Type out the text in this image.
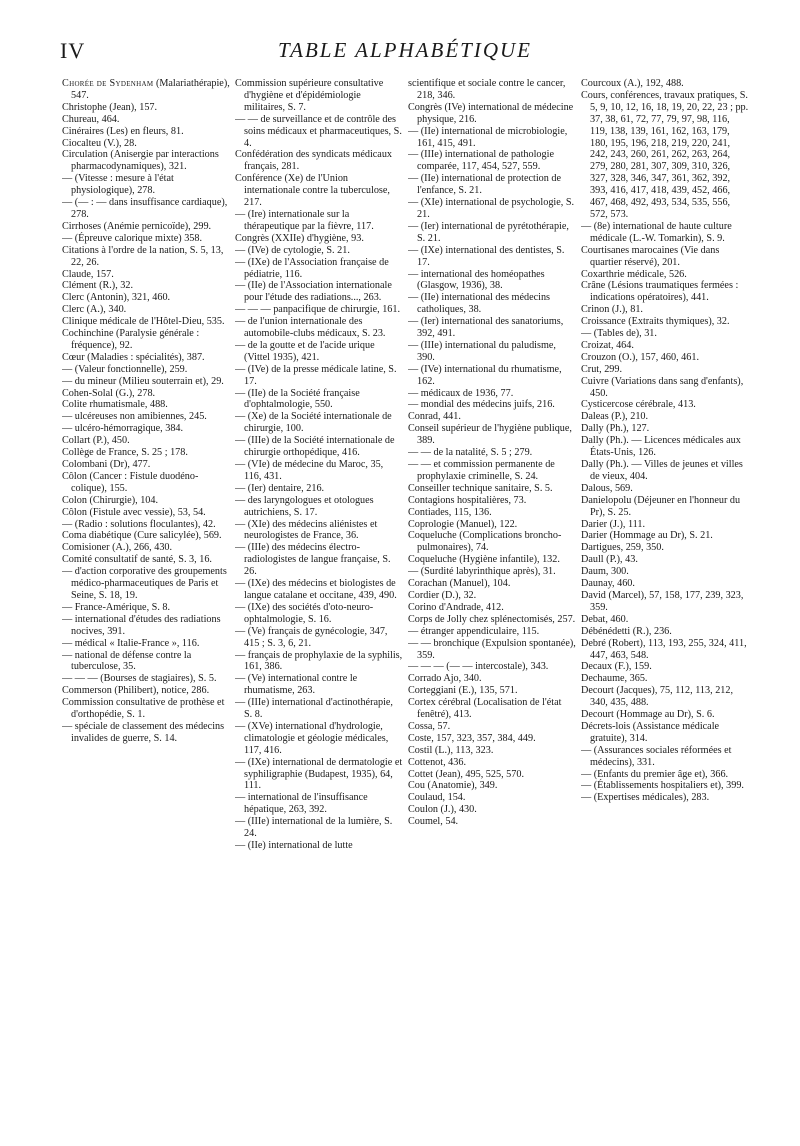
IV	TABLE ALPHABÉTIQUE

Chorée de Sydenham (Malariathérapie), 547.

Christophe (Jean), 157.

Chureau, 464.

Cinéraires (Les) en fleurs, 81.

Ciocalteu (V.), 28.

Circulation (Anisergie par interactions pharmacodynamiques), 321.

— (Vitesse : mesure à l'état physiologique), 278.

— (— : — dans insuffisance cardiaque), 278.

Cirrhoses (Anémie pernicoïde), 299.

— (Épreuve calorique mixte) 358.

Citations à l'ordre de la nation, S. 5, 13, 22, 26.

Claude, 157.

Clément (R.), 32.

Clerc (Antonin), 321, 460.

Clerc (A.), 340.

Clinique médicale de l'Hôtel-Dieu, 535.

Cochinchine (Paralysie générale : fréquence), 92.

Cœur (Maladies : spécialités), 387.

— (Valeur fonctionnelle), 259.

— du mineur (Milieu souterrain et), 29.

Cohen-Solal (G.), 278.

Colite rhumatismale, 488.

— ulcéreuses non amibiennes, 245.

— ulcéro-hémorragique, 384.

Collart (P.), 450.

Collège de France, S. 25 ; 178.

Colombani (Dr), 477.

Côlon (Cancer : Fistule duodéno-colique), 155.

Colon (Chirurgie), 104.

Côlon (Fistule avec vessie), 53, 54.

— (Radio : solutions floculantes), 42.

Coma diabétique (Cure salicylée), 569.

Comisioner (A.), 266, 430.

Comité consultatif de santé, S. 3, 16.

— d'action corporative des groupements médico-pharmaceutiques de Paris et Seine, S. 18, 19.

— France-Amérique, S. 8.

— international d'études des radiations nocives, 391.

— médical « Italie-France », 116.

— national de défense contre la tuberculose, 35.

— — — (Bourses de stagiaires), S. 5.

Commerson (Philibert), notice, 286.

Commission consultative de prothèse et d'orthopédie, S. 1.

— spéciale de classement des médecins invalides de guerre, S. 14.

Commission supérieure consultative d'hygiène et d'épidémiologie militaires, S. 7.

— — de surveillance et de contrôle des soins médicaux et pharmaceutiques, S. 4.

Confédération des syndicats médicaux français, 281.

Conférence (Xe) de l'Union internationale contre la tuberculose, 217.

— (Ire) internationale sur la thérapeutique par la fièvre, 117.

Congrès (XXIIe) d'hygiène, 93.

— (IVe) de cytologie, S. 21.

— (IXe) de l'Association française de pédiatrie, 116.

— (IIe) de l'Association internationale pour l'étude des radiations..., 263.

— — — panpacifique de chirurgie, 161.

— de l'union internationale des automobile-clubs médicaux, S. 23.

— de la goutte et de l'acide urique (Vittel 1935), 421.

— (IVe) de la presse médicale latine, S. 17.

— (IIe) de la Société française d'ophtalmologie, 550.

— (Xe) de la Société internationale de chirurgie, 100.

— (IIIe) de la Société internationale de chirurgie orthopédique, 416.

— (VIe) de médecine du Maroc, 35, 116, 431.

— (Ier) dentaire, 216.

— des laryngologues et otologues autrichiens, S. 17.

— (XIe) des médecins aliénistes et neurologistes de France, 36.

— (IIIe) des médecins électro-radiologistes de langue française, S. 26.

— (IXe) des médecins et biologistes de langue catalane et occitane, 439, 490.

— (IXe) des sociétés d'oto-neuro-ophtalmologie, S. 16.

— (Ve) français de gynécologie, 347, 415 ; S. 3, 6, 21.

— français de prophylaxie de la syphilis, 161, 386.

— (Ve) international contre le rhumatisme, 263.

— (IIIe) international d'actinothérapie, S. 8.

— (XVe) international d'hydrologie, climatologie et géologie médicales, 117, 416.

— (IXe) international de dermatologie et syphiligraphie (Budapest, 1935), 64, 111.

— international de l'insuffisance hépatique, 263, 392.

— (IIIe) international de la lumière, S. 24.

— (IIe) international de lutte

scientifique et sociale contre le cancer, 218, 346.

Congrès (IVe) international de médecine physique, 216.

— (IIe) international de microbiologie, 161, 415, 491.

— (IIIe) international de pathologie comparée, 117, 454, 527, 559.

— (IIe) international de protection de l'enfance, S. 21.

— (XIe) international de psychologie, S. 21.

— (Ier) international de pyrétothérapie, S. 21.

— (IXe) international des dentistes, S. 17.

— international des homéopathes (Glasgow, 1936), 38.

— (IIe) international des médecins catholiques, 38.

— (Ier) international des sanatoriums, 392, 491.

— (IIIe) international du paludisme, 390.

— (IVe) international du rhumatisme, 162.

— médicaux de 1936, 77.

— mondial des médecins juifs, 216.

Conrad, 441.

Conseil supérieur de l'hygiène publique, 389.

— — de la natalité, S. 5 ; 279.

— — et commission permanente de prophylaxie criminelle, S. 24.

Conseiller technique sanitaire, S. 5.

Contagions hospitalières, 73.

Contiades, 115, 136.

Coprologie (Manuel), 122.

Coqueluche (Complications broncho-pulmonaires), 74.

Coqueluche (Hygiène infantile), 132.

— (Surdité labyrinthique après), 31.

Corachan (Manuel), 104.

Cordier (D.), 32.

Corino d'Andrade, 412.

Corps de Jolly chez splénectomisés, 257.

— étranger appendiculaire, 115.

— — bronchique (Expulsion spontanée), 359.

— — — (— — intercostale), 343.

Corrado Ajo, 340.

Corteggiani (E.), 135, 571.

Cortex cérébral (Localisation de l'état fenêtré), 413.

Cossa, 57.

Coste, 157, 323, 357, 384, 449.

Costil (L.), 113, 323.

Cottenot, 436.

Cottet (Jean), 495, 525, 570.

Cou (Anatomie), 349.

Coulaud, 154.

Coulon (J.), 430.

Coumel, 54.

Courcoux (A.), 192, 488.

Cours, conférences, travaux pratiques, S. 5, 9, 10, 12, 16, 18, 19, 20, 22, 23 ; pp. 37, 38, 61, 72, 77, 79, 97, 98, 116, 119, 138, 139, 161, 162, 163, 179, 180, 195, 196, 218, 219, 220, 241, 242, 243, 260, 261, 262, 263, 264, 279, 280, 281, 307, 309, 310, 326, 327, 328, 346, 347, 361, 362, 392, 393, 416, 417, 418, 439, 452, 466, 467, 468, 492, 493, 534, 535, 556, 572, 573.

— (8e) international de haute culture médicale (L.-W. Tomarkin), S. 9.

Courtisanes marocaines (Vie dans quartier réservé), 201.

Coxarthrie médicale, 526.

Crâne (Lésions traumatiques fermées : indications opératoires), 441.

Crinon (J.), 81.

Croissance (Extraits thymiques), 32.

— (Tables de), 31.

Croizat, 464.

Crouzon (O.), 157, 460, 461.

Crut, 299.

Cuivre (Variations dans sang d'enfants), 450.

Cysticercose cérébrale, 413.

Daleas (P.), 210.

Dally (Ph.), 127.

Dally (Ph.). — Licences médicales aux États-Unis, 126.

Dally (Ph.). — Villes de jeunes et villes de vieux, 404.

Dalous, 569.

Danielopolu (Déjeuner en l'honneur du Pr), S. 25.

Darier (J.), 111.

Darier (Hommage au Dr), S. 21.

Dartigues, 259, 350.

Daull (P.), 43.

Daum, 300.

Daunay, 460.

David (Marcel), 57, 158, 177, 239, 323, 359.

Debat, 460.

Débénédetti (R.), 236.

Debré (Robert), 113, 193, 255, 324, 411, 447, 463, 548.

Decaux (F.), 159.

Dechaume, 365.

Decourt (Jacques), 75, 112, 113, 212, 340, 435, 488.

Decourt (Hommage au Dr), S. 6.

Décrets-lois (Assistance médicale gratuite), 314.

— (Assurances sociales réformées et médecins), 331.

— (Enfants du premier âge et), 366.

— (Établissements hospitaliers et), 399.

— (Expertises médicales), 283.
